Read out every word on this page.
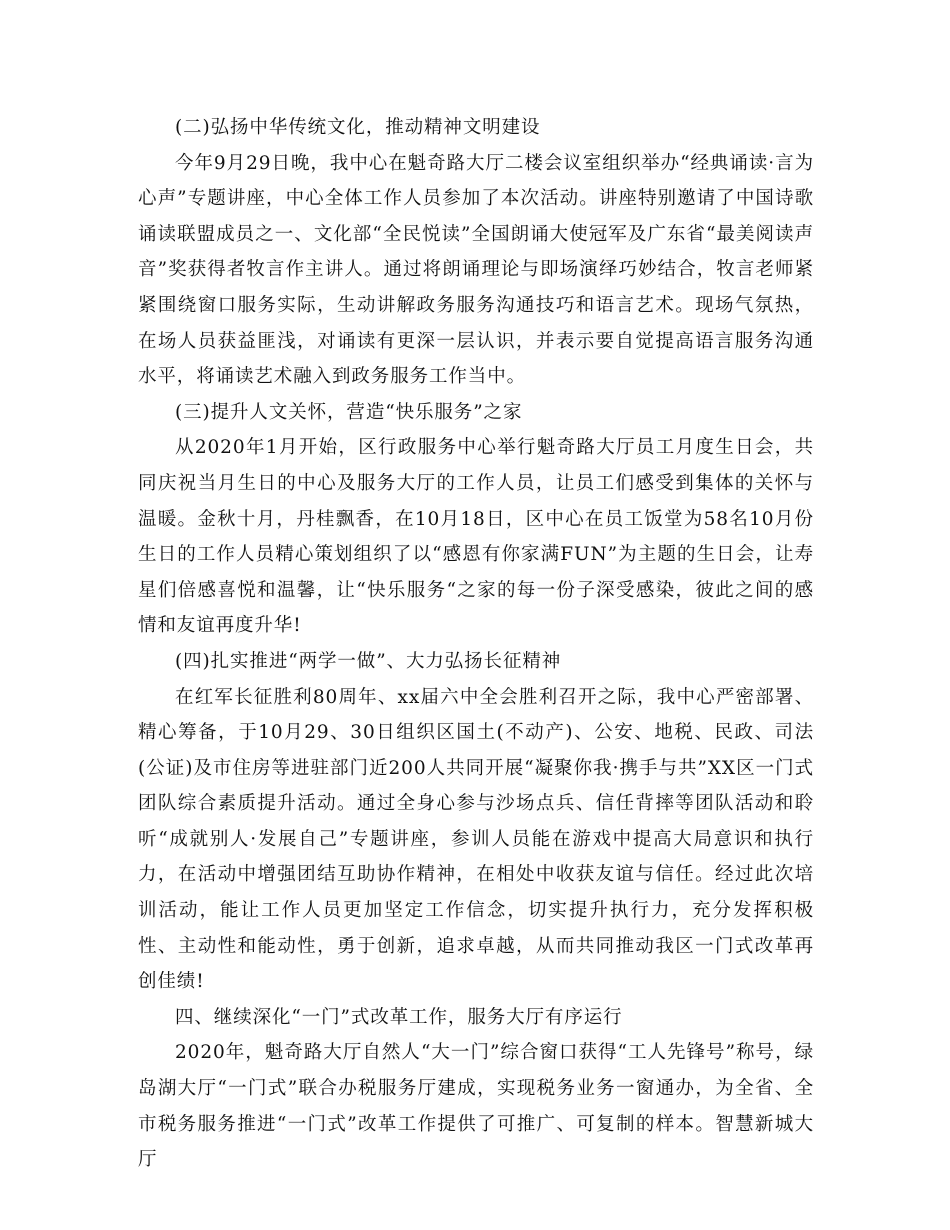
(二)弘扬中华传统文化，推动精神文明建设

今年9月29日晚，我中心在魁奇路大厅二楼会议室组织举办“经典诵读·言为心声”专题讲座，中心全体工作人员参加了本次活动。讲座特别邀请了中国诗歌诵读联盟成员之一、文化部“全民悦读”全国朗诵大使冠军及广东省“最美阅读声音”奖获得者牧言作主讲人。通过将朗诵理论与即场演绎巧妙结合，牧言老师紧紧围绕窗口服务实际，生动讲解政务服务沟通技巧和语言艺术。现场气氛热，在场人员获益匪浅，对诵读有更深一层认识，并表示要自觉提高语言服务沟通水平，将诵读艺术融入到政务服务工作当中。

(三)提升人文关怀，营造“快乐服务”之家

从2020年1月开始，区行政服务中心举行魁奇路大厅员工月度生日会，共同庆祝当月生日的中心及服务大厅的工作人员，让员工们感受到集体的关怀与温暖。金秋十月，丹桂飘香，在10月18日，区中心在员工饭堂为58名10月份生日的工作人员精心策划组织了以“感恩有你家满FUN”为主题的生日会，让寿星们倍感喜悦和温馨，让“快乐服务“之家的每一份子深受感染，彼此之间的感情和友谊再度升华!

(四)扎实推进“两学一做”、大力弘扬长征精神

在红军长征胜利80周年、xx届六中全会胜利召开之际，我中心严密部署、精心筹备，于10月29、30日组织区国土(不动产)、公安、地税、民政、司法(公证)及市住房等进驻部门近200人共同开展“凝聚你我·携手与共”XX区一门式团队综合素质提升活动。通过全身心参与沙场点兵、信任背摔等团队活动和聆听“成就别人·发展自己”专题讲座，参训人员能在游戏中提高大局意识和执行力，在活动中增强团结互助协作精神，在相处中收获友谊与信任。经过此次培训活动，能让工作人员更加坚定工作信念，切实提升执行力，充分发挥积极性、主动性和能动性，勇于创新，追求卓越，从而共同推动我区一门式改革再创佳绩!

四、继续深化“一门”式改革工作，服务大厅有序运行

2020年，魁奇路大厅自然人“大一门”综合窗口获得“工人先锋号”称号，绿岛湖大厅“一门式”联合办税服务厅建成，实现税务业务一窗通办，为全省、全市税务服务推进“一门式”改革工作提供了可推广、可复制的样本。智慧新城大厅
